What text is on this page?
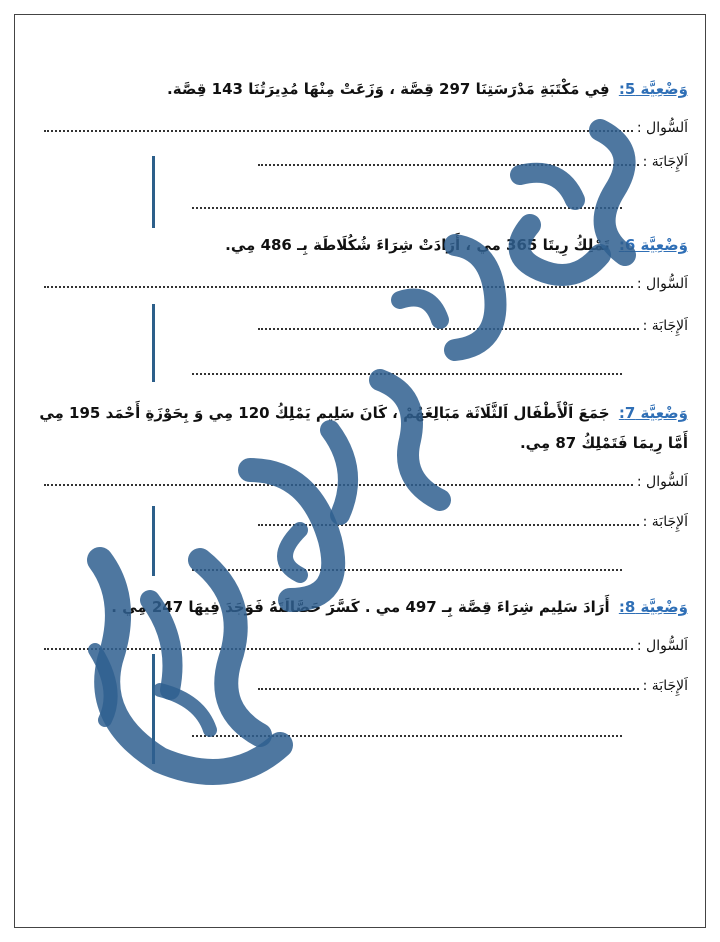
وَضْعِيَّة 5: فِي مَكْتَبَةِ مَدْرَسَتِنَا 297 قِصَّة ، وَزَعَتْ مِنْهَا مُدِيرَتُنَا 143 قِصَّة.
اَلسُّوال :
اَلإِجَابَة :
وَضْعِيَّة 6: تَمْلِكُ رِيتَا 365 مي ، أَرَادَتْ شِرَاءَ شُكُلَاطَة بِـ 486 مِي.
اَلسُّوال :
اَلإِجَابَة :
وَضْعِيَّة 7: جَمَعَ اَلْأَطْفَال اَلثَّلَاثَة مَبَالِغَهُمْ ، كَانَ سَلِيم يَمْلِكُ 120 مِي وَ بِحَوْزَةِ أَحْمَد 195 مِي
أَمَّا رِيمَا فَتَمْلِكُ 87 مِي.
اَلسُّوال :
اَلإِجَابَة :
وَضْعِيَّة 8: أَرَادَ سَلِيم شِرَاءَ قِصَّة بِـ 497 مي . كَسَّرَ حَصَّالَتَهُ فَوَجَدَ فِيهَا 247 مِي .
اَلسُّوال :
اَلإِجَابَة :
